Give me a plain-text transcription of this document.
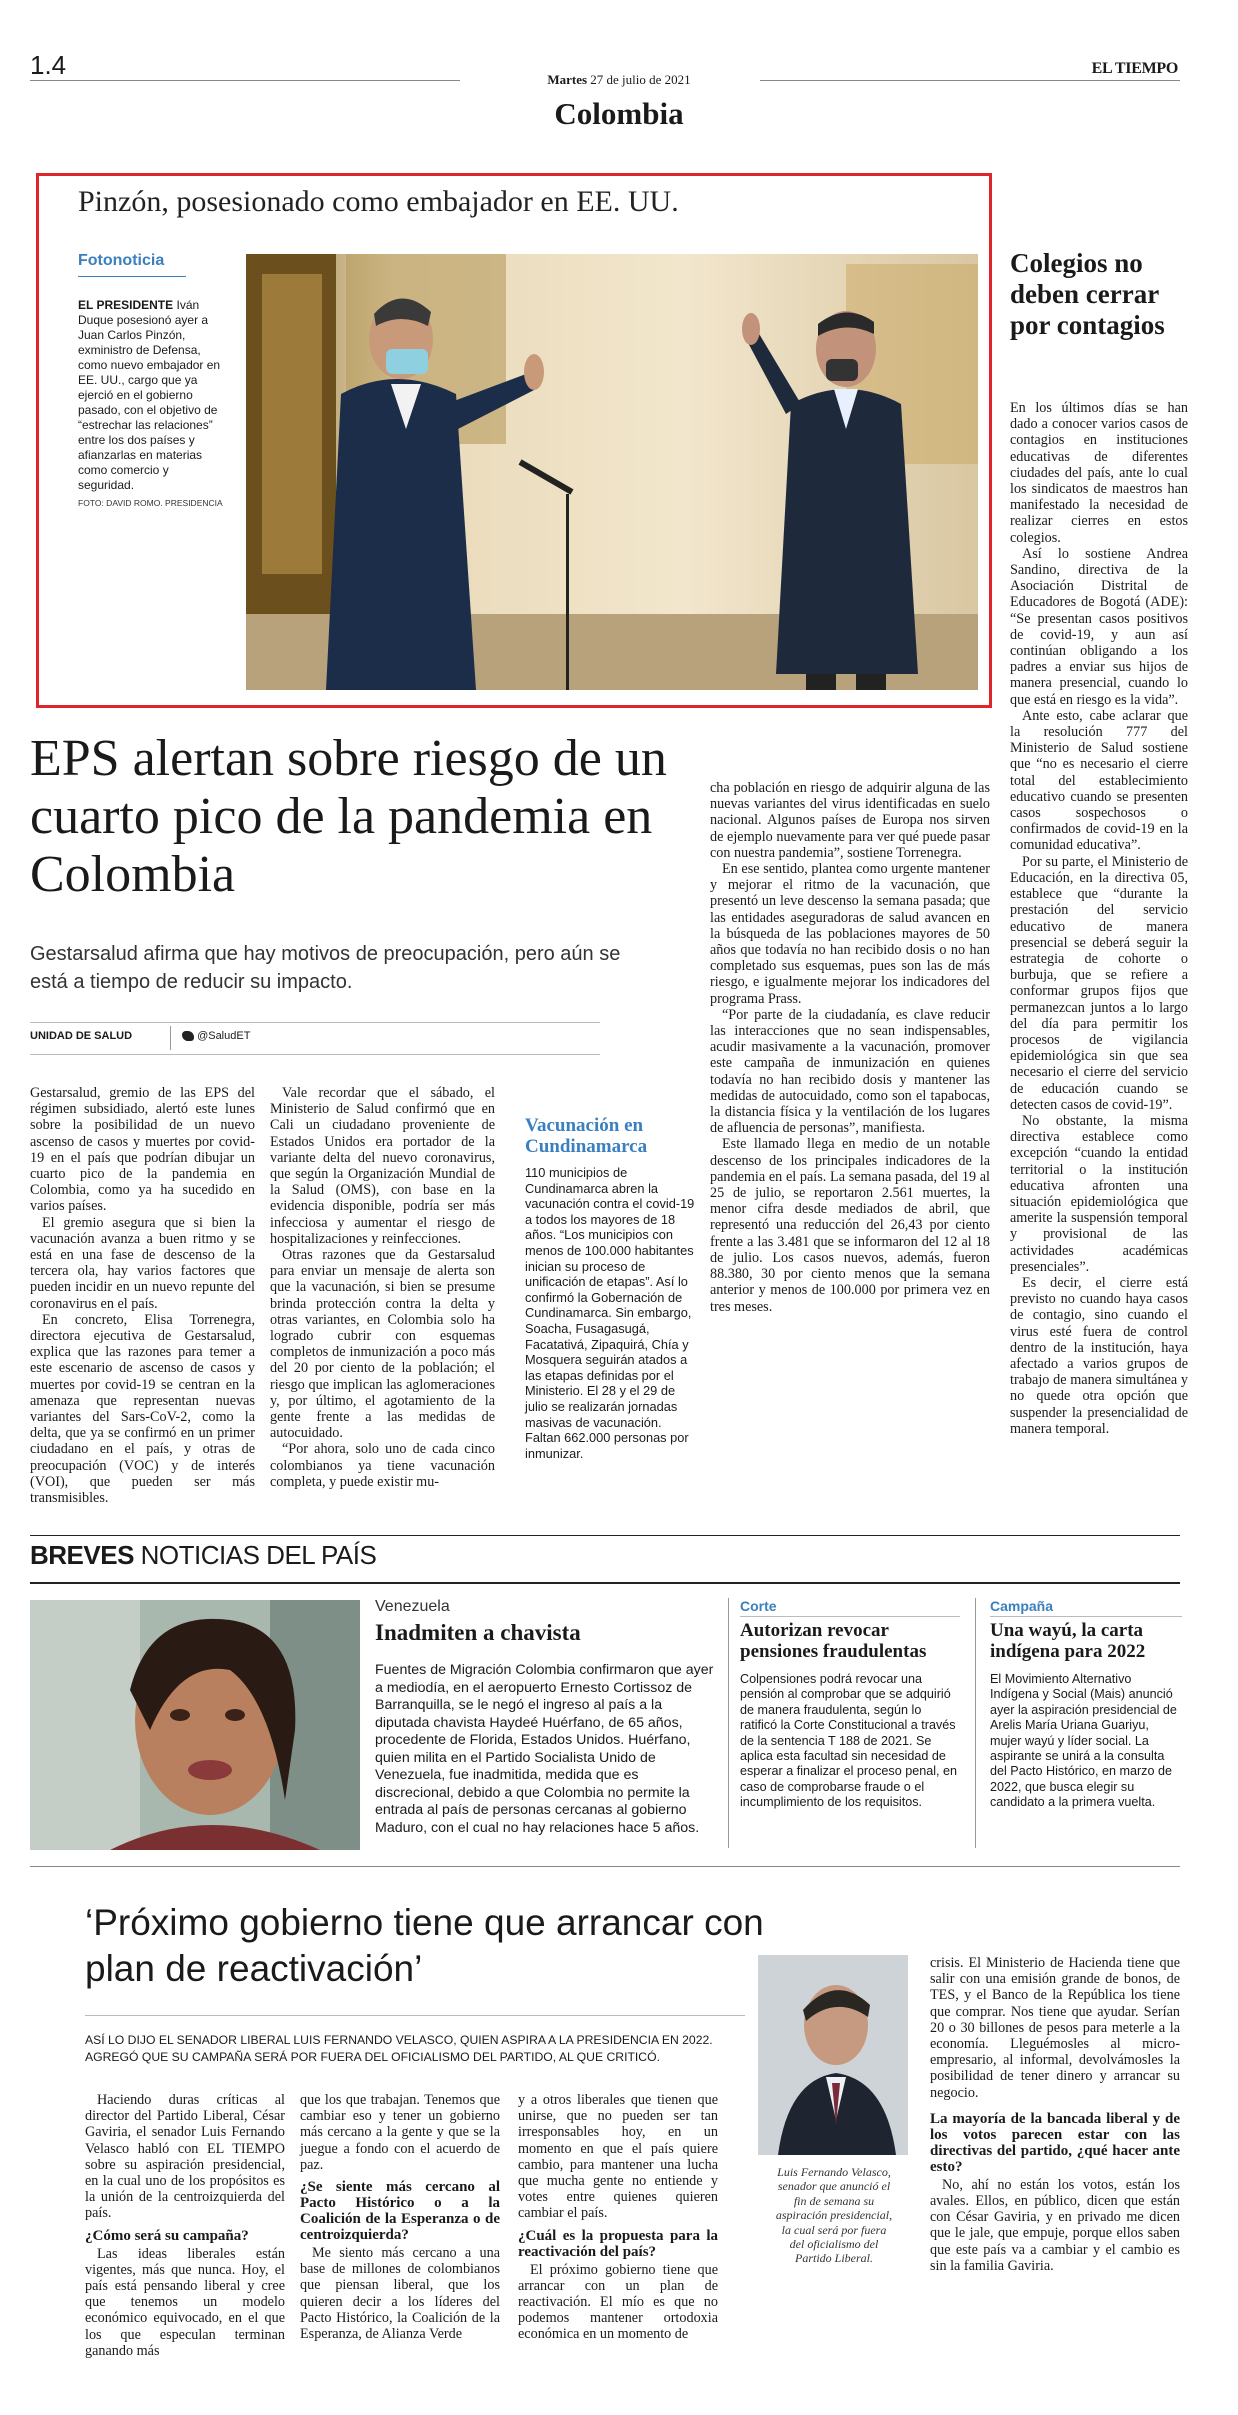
1.4	Martes 27 de julio de 2021
EL TIEMPO
Colombia
Pinzón, posesionado como embajador en EE. UU.
Fotonoticia
EL PRESIDENTE Iván Duque posesionó ayer a Juan Carlos Pinzón, exministro de Defensa, como nuevo embajador en EE. UU., cargo que ya ejerció en el gobierno pasado, con el objetivo de “estrechar las relaciones” entre los dos países y afianzarlas en materias como comercio y seguridad.
FOTO: DAVID ROMO. PRESIDENCIA
Colegios no deben cerrar por contagios

En los últimos días se han dado a conocer varios casos de contagios en instituciones educativas de diferentes ciudades del país, ante lo cual los sindicatos de maestros han manifestado la necesidad de realizar cierres en estos colegios.

Así lo sostiene Andrea Sandino, directiva de la Asociación Distrital de Educadores de Bogotá (ADE): “Se presentan casos positivos de covid-19, y aun así continúan obligando a los padres a enviar sus hijos de manera presencial, cuando lo que está en riesgo es la vida”.

Ante esto, cabe aclarar que la resolución 777 del Ministerio de Salud sostiene que “no es necesario el cierre total del establecimiento educativo cuando se presenten casos sospechosos o confirmados de covid-19 en la comunidad educativa”.

Por su parte, el Ministerio de Educación, en la directiva 05, establece que “durante la prestación del servicio educativo de manera presencial se deberá seguir la estrategia de cohorte o burbuja, que se refiere a conformar grupos fijos que permanezcan juntos a lo largo del día para permitir los procesos de vigilancia epidemiológica sin que sea necesario el cierre del servicio de educación cuando se detecten casos de covid-19”.

No obstante, la misma directiva establece como excepción “cuando la entidad territorial o la institución educativa afronten una situación epidemiológica que amerite la suspensión temporal y provisional de las actividades académicas presenciales”.

Es decir, el cierre está previsto no cuando haya casos de contagio, sino cuando el virus esté fuera de control dentro de la institución, haya afectado a varios grupos de trabajo de manera simultánea y no quede otra opción que suspender la presencialidad de manera temporal.

EPS alertan sobre riesgo de un cuarto pico de la pandemia en Colombia
Gestarsalud afirma que hay motivos de preocupación, pero aún se está a tiempo de reducir su impacto.
UNIDAD DE SALUD	@SaludET

Gestarsalud, gremio de las EPS del régimen subsidiado, alertó este lunes sobre la posibilidad de un nuevo ascenso de casos y muertes por covid-19 en el país que podrían dibujar un cuarto pico de la pandemia en Colombia, como ya ha sucedido en varios países.

El gremio asegura que si bien la vacunación avanza a buen ritmo y se está en una fase de descenso de la tercera ola, hay varios factores que pueden incidir en un nuevo repunte del coronavirus en el país.

En concreto, Elisa Torrenegra, directora ejecutiva de Gestarsalud, explica que las razones para temer a este escenario de ascenso de casos y muertes por covid-19 se centran en la amenaza que representan nuevas variantes del Sars-CoV-2, como la delta, que ya se confirmó en un primer ciudadano en el país, y otras de preocupación (VOC) y de interés (VOI), que pueden ser más transmisibles.

Vale recordar que el sábado, el Ministerio de Salud confirmó que en Cali un ciudadano proveniente de Estados Unidos era portador de la variante delta del nuevo coronavirus, que según la Organización Mundial de la Salud (OMS), con base en la evidencia disponible, podría ser más infecciosa y aumentar el riesgo de hospitalizaciones y reinfecciones.

Otras razones que da Gestarsalud para enviar un mensaje de alerta son que la vacunación, si bien se presume brinda protección contra la delta y otras variantes, en Colombia solo ha logrado cubrir con esquemas completos de inmunización a poco más del 20 por ciento de la población; el riesgo que implican las aglomeraciones y, por último, el agotamiento de la gente frente a las medidas de autocuidado.

“Por ahora, solo uno de cada cinco colombianos ya tiene vacunación completa, y puede existir mu-

Vacunación en Cundinamarca
110 municipios de Cundinamarca abren la vacunación contra el covid-19 a todos los mayores de 18 años. “Los municipios con menos de 100.000 habitantes inician su proceso de unificación de etapas”. Así lo confirmó la Gobernación de Cundinamarca. Sin embargo, Soacha, Fusagasugá, Facatativá, Zipaquirá, Chía y Mosquera seguirán atados a las etapas definidas por el Ministerio. El 28 y el 29 de julio se realizarán jornadas masivas de vacunación. Faltan 662.000 personas por inmunizar.

cha población en riesgo de adquirir alguna de las nuevas variantes del virus identificadas en suelo nacional. Algunos países de Europa nos sirven de ejemplo nuevamente para ver qué puede pasar con nuestra pandemia”, sostiene Torrenegra.

En ese sentido, plantea como urgente mantener y mejorar el ritmo de la vacunación, que presentó un leve descenso la semana pasada; que las entidades aseguradoras de salud avancen en la búsqueda de las poblaciones mayores de 50 años que todavía no han recibido dosis o no han completado sus esquemas, pues son las de más riesgo, e igualmente mejorar los indicadores del programa Prass.

“Por parte de la ciudadanía, es clave reducir las interacciones que no sean indispensables, acudir masivamente a la vacunación, promover este campaña de inmunización en quienes todavía no han recibido dosis y mantener las medidas de autocuidado, como son el tapabocas, la distancia física y la ventilación de los lugares de afluencia de personas”, manifiesta.

Este llamado llega en medio de un notable descenso de los principales indicadores de la pandemia en el país. La semana pasada, del 19 al 25 de julio, se reportaron 2.561 muertes, la menor cifra desde mediados de abril, que representó una reducción del 26,43 por ciento frente a las 3.481 que se informaron del 12 al 18 de julio. Los casos nuevos, además, fueron 88.380, 30 por ciento menos que la semana anterior y menos de 100.000 por primera vez en tres meses.

BREVES NOTICIAS DEL PAÍS
Venezuela
Inadmiten a chavista
Fuentes de Migración Colombia confirmaron que ayer a mediodía, en el aeropuerto Ernesto Cortissoz de Barranquilla, se le negó el ingreso al país a la diputada chavista Haydeé Huérfano, de 65 años, procedente de Florida, Estados Unidos. Huérfano, quien milita en el Partido Socialista Unido de Venezuela, fue inadmitida, medida que es discrecional, debido a que Colombia no permite la entrada al país de personas cercanas al gobierno Maduro, con el cual no hay relaciones hace 5 años.
Corte
Autorizan revocar pensiones fraudulentas
Colpensiones podrá revocar una pensión al comprobar que se adquirió de manera fraudulenta, según lo ratificó la Corte Constitucional a través de la sentencia T 188 de 2021. Se aplica esta facultad sin necesidad de esperar a finalizar el proceso penal, en caso de comprobarse fraude o el incumplimiento de los requisitos.
Campaña
Una wayú, la carta indígena para 2022
El Movimiento Alternativo Indígena y Social (Mais) anunció ayer la aspiración presidencial de Arelis María Uriana Guariyu, mujer wayú y líder social. La aspirante se unirá a la consulta del Pacto Histórico, en marzo de 2022, que busca elegir su candidato a la primera vuelta.
‘Próximo gobierno tiene que arrancar con plan de reactivación’
ASÍ LO DIJO EL SENADOR LIBERAL LUIS FERNANDO VELASCO, QUIEN ASPIRA A LA PRESIDENCIA EN 2022. AGREGÓ QUE SU CAMPAÑA SERÁ POR FUERA DEL OFICIALISMO DEL PARTIDO, AL QUE CRITICÓ.

Haciendo duras críticas al director del Partido Liberal, César Gaviria, el senador Luis Fernando Velasco habló con EL TIEMPO sobre su aspiración presidencial, en la cual uno de los propósitos es la unión de la centroizquierda del país.

¿Cómo será su campaña?

Las ideas liberales están vigentes, más que nunca. Hoy, el país está pensando liberal y cree que tenemos un modelo económico equivocado, en el que los que especulan terminan ganando más

que los que trabajan. Tenemos que cambiar eso y tener un gobierno más cercano a la gente y que se la juegue a fondo con el acuerdo de paz.

¿Se siente más cercano al Pacto Histórico o a la Coalición de la Esperanza o de centroizquierda?

Me siento más cercano a una base de millones de colombianos que piensan liberal, que los quieren decir a los líderes del Pacto Histórico, la Coalición de la Esperanza, de Alianza Verde

y a otros liberales que tienen que unirse, que no pueden ser tan irresponsables hoy, en un momento en que el país quiere cambio, para mantener una lucha que mucha gente no entiende y votes entre quienes quieren cambiar el país.

¿Cuál es la propuesta para la reactivación del país?

El próximo gobierno tiene que arrancar con un plan de reactivación. El mío es que no podemos mantener ortodoxia económica en un momento de

Luis Fernando Velasco, senador que anunció el fin de semana su aspiración presidencial, la cual será por fuera del oficialismo del Partido Liberal.

crisis. El Ministerio de Hacienda tiene que salir con una emisión grande de bonos, de TES, y el Banco de la República los tiene que comprar. Nos tiene que ayudar. Serían 20 o 30 billones de pesos para meterle a la economía. Lleguémosles al micro-empresario, al informal, devolvámosles la posibilidad de tener dinero y arrancar su negocio.

La mayoría de la bancada liberal y de los votos parecen estar con las directivas del partido, ¿qué hacer ante esto?

No, ahí no están los votos, están los avales. Ellos, en público, dicen que están con César Gaviria, y en privado me dicen que le jale, que empuje, porque ellos saben que este país va a cambiar y el cambio es sin la familia Gaviria.
